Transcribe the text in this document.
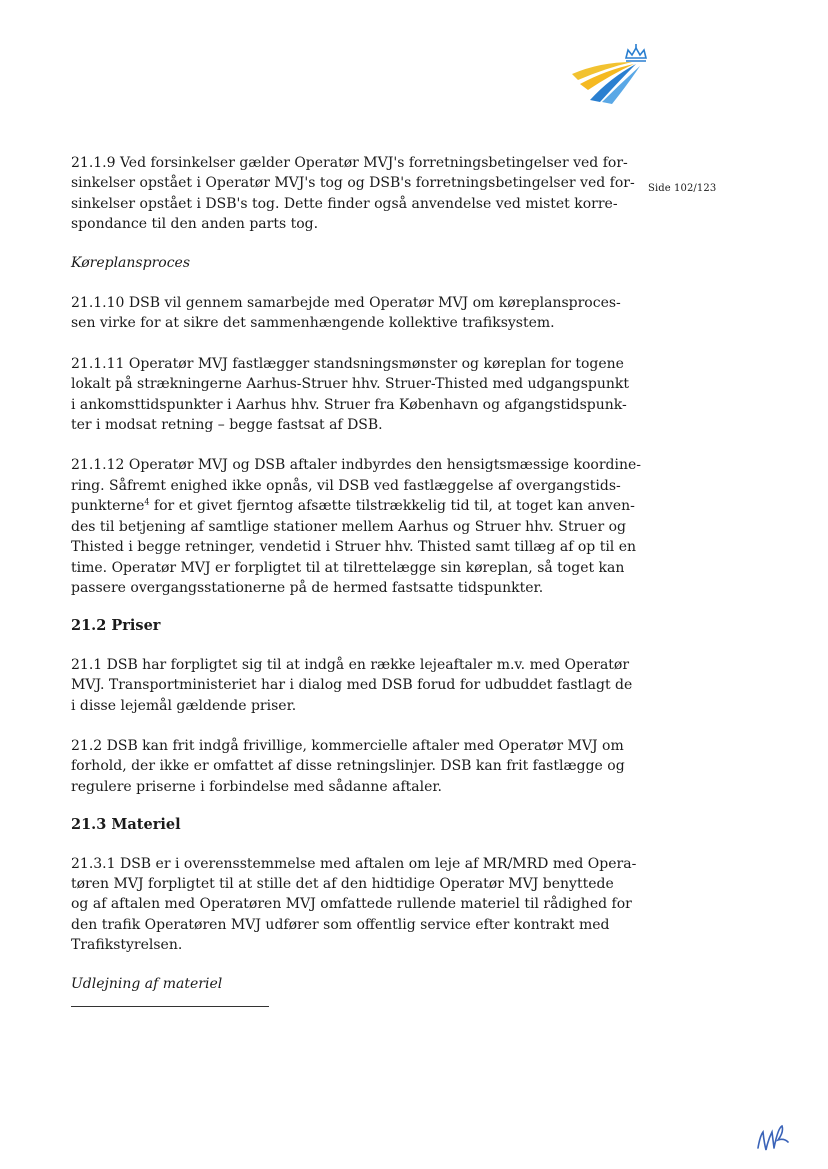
Side 102/123

21.1.9 Ved forsinkelser gælder Operatør MVJ's forretningsbetingelser ved for-
sinkelser opstået i Operatør MVJ's tog og DSB's forretningsbetingelser ved for-
sinkelser opstået i DSB's tog. Dette finder også anvendelse ved mistet korre-
spondance til den anden parts tog.

Køreplansproces

21.1.10 DSB vil gennem samarbejde med Operatør MVJ om køreplansproces-
sen virke for at sikre det sammenhængende kollektive trafiksystem.

21.1.11 Operatør MVJ fastlægger standsningsmønster og køreplan for togene
lokalt på strækningerne Aarhus-Struer hhv. Struer-Thisted med udgangspunkt
i ankomsttidspunkter i Aarhus hhv. Struer fra København og afgangstidspunk-
ter i modsat retning – begge fastsat af DSB.

21.1.12 Operatør MVJ og DSB aftaler indbyrdes den hensigtsmæssige koordine-
ring. Såfremt enighed ikke opnås, vil DSB ved fastlæggelse af overgangstids-
punkterne$^4$ for et givet fjerntog afsætte tilstrækkelig tid til, at toget kan anven-
des til betjening af samtlige stationer mellem Aarhus og Struer hhv. Struer og
Thisted i begge retninger, vendetid i Struer hhv. Thisted samt tillæg af op til en
time. Operatør MVJ er forpligtet til at tilrettelægge sin køreplan, så toget kan
passere overgangsstationerne på de hermed fastsatte tidspunkter.

21.2 Priser

21.1 DSB har forpligtet sig til at indgå en række lejeaftaler m.v. med Operatør
MVJ. Transportministeriet har i dialog med DSB forud for udbuddet fastlagt de
i disse lejemål gældende priser.

21.2 DSB kan frit indgå frivillige, kommercielle aftaler med Operatør MVJ om
forhold, der ikke er omfattet af disse retningslinjer. DSB kan frit fastlægge og
regulere priserne i forbindelse med sådanne aftaler.

21.3 Materiel

21.3.1 DSB er i overensstemmelse med aftalen om leje af MR/MRD med Opera-
tøren MVJ forpligtet til at stille det af den hidtidige Operatør MVJ benyttede
og af aftalen med Operatøren MVJ omfattede rullende materiel til rådighed for
den trafik Operatøren MVJ udfører som offentlig service efter kontrakt med
Trafikstyrelsen.

Udlejning af materiel
